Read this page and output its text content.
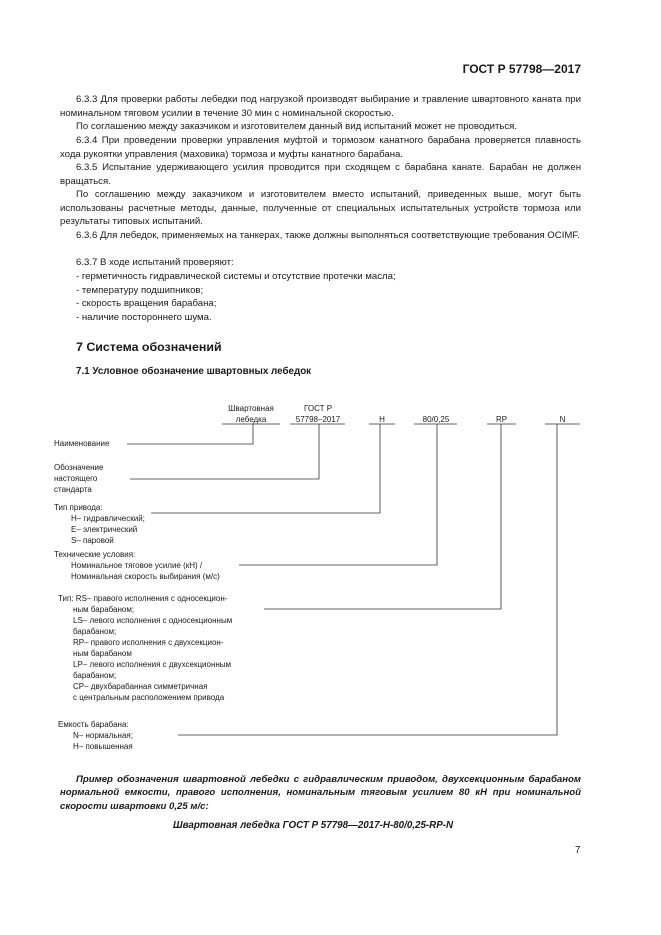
ГОСТ Р 57798—2017
6.3.3 Для проверки работы лебедки под нагрузкой производят выбирание и травление швартовного каната при номинальном тяговом усилии в течение 30 мин с номинальной скоростью.
По соглашению между заказчиком и изготовителем данный вид испытаний может не проводиться.
6.3.4 При проведении проверки управления муфтой и тормозом канатного барабана проверяется плавность хода рукоятки управления (маховика) тормоза и муфты канатного барабана.
6.3.5 Испытание удерживающего усилия проводится при сходящем с барабана канате. Барабан не должен вращаться.
По соглашению между заказчиком и изготовителем вместо испытаний, приведенных выше, могут быть использованы расчетные методы, данные, полученные от специальных испытательных устройств тормоза или результаты типовых испытаний.
6.3.6 Для лебедок, применяемых на танкерах, также должны выполняться соответствующие требования OCIMF.
6.3.7 В ходе испытаний проверяют:
- герметичность гидравлической системы и отсутствие протечки масла;
- температуру подшипников;
- скорость вращения барабана;
- наличие постороннего шума.
7 Система обозначений
7.1 Условное обозначение швартовных лебедок
Швартовная
лебедка
ГОСТ Р
57798–2017	H	80/0,25	RP	N
Наименование
Обозначение
настоящего
стандарта
Тип привода:
H– гидравлический;
E– электрический
S– паровой
Технические условия:
Номинальное тяговое усилие (кН) /
Номинальная скорость выбирания (м/с)
Тип: RS– правого исполнения с односекцион-
ным барабаном;
LS– левого исполнения с односекционным
барабаном;
RP– правого исполнения с двухсекцион-
ным барабаном
LP– левого исполнения с двухсекционным
барабаном;
CP– двухбарабанная симметричная
с центральным расположением привода
Емкость барабана:
N– нормальная;
H– повышенная
Пример обозначения швартовной лебедки с гидравлическим приводом, двухсекционным барабаном нормальной емкости, правого исполнения, номинальным тяговым усилием 80 кН при номинальной скорости швартовки 0,25 м/с:
Швартовная лебедка ГОСТ Р 57798—2017-H-80/0,25-RP-N
7
